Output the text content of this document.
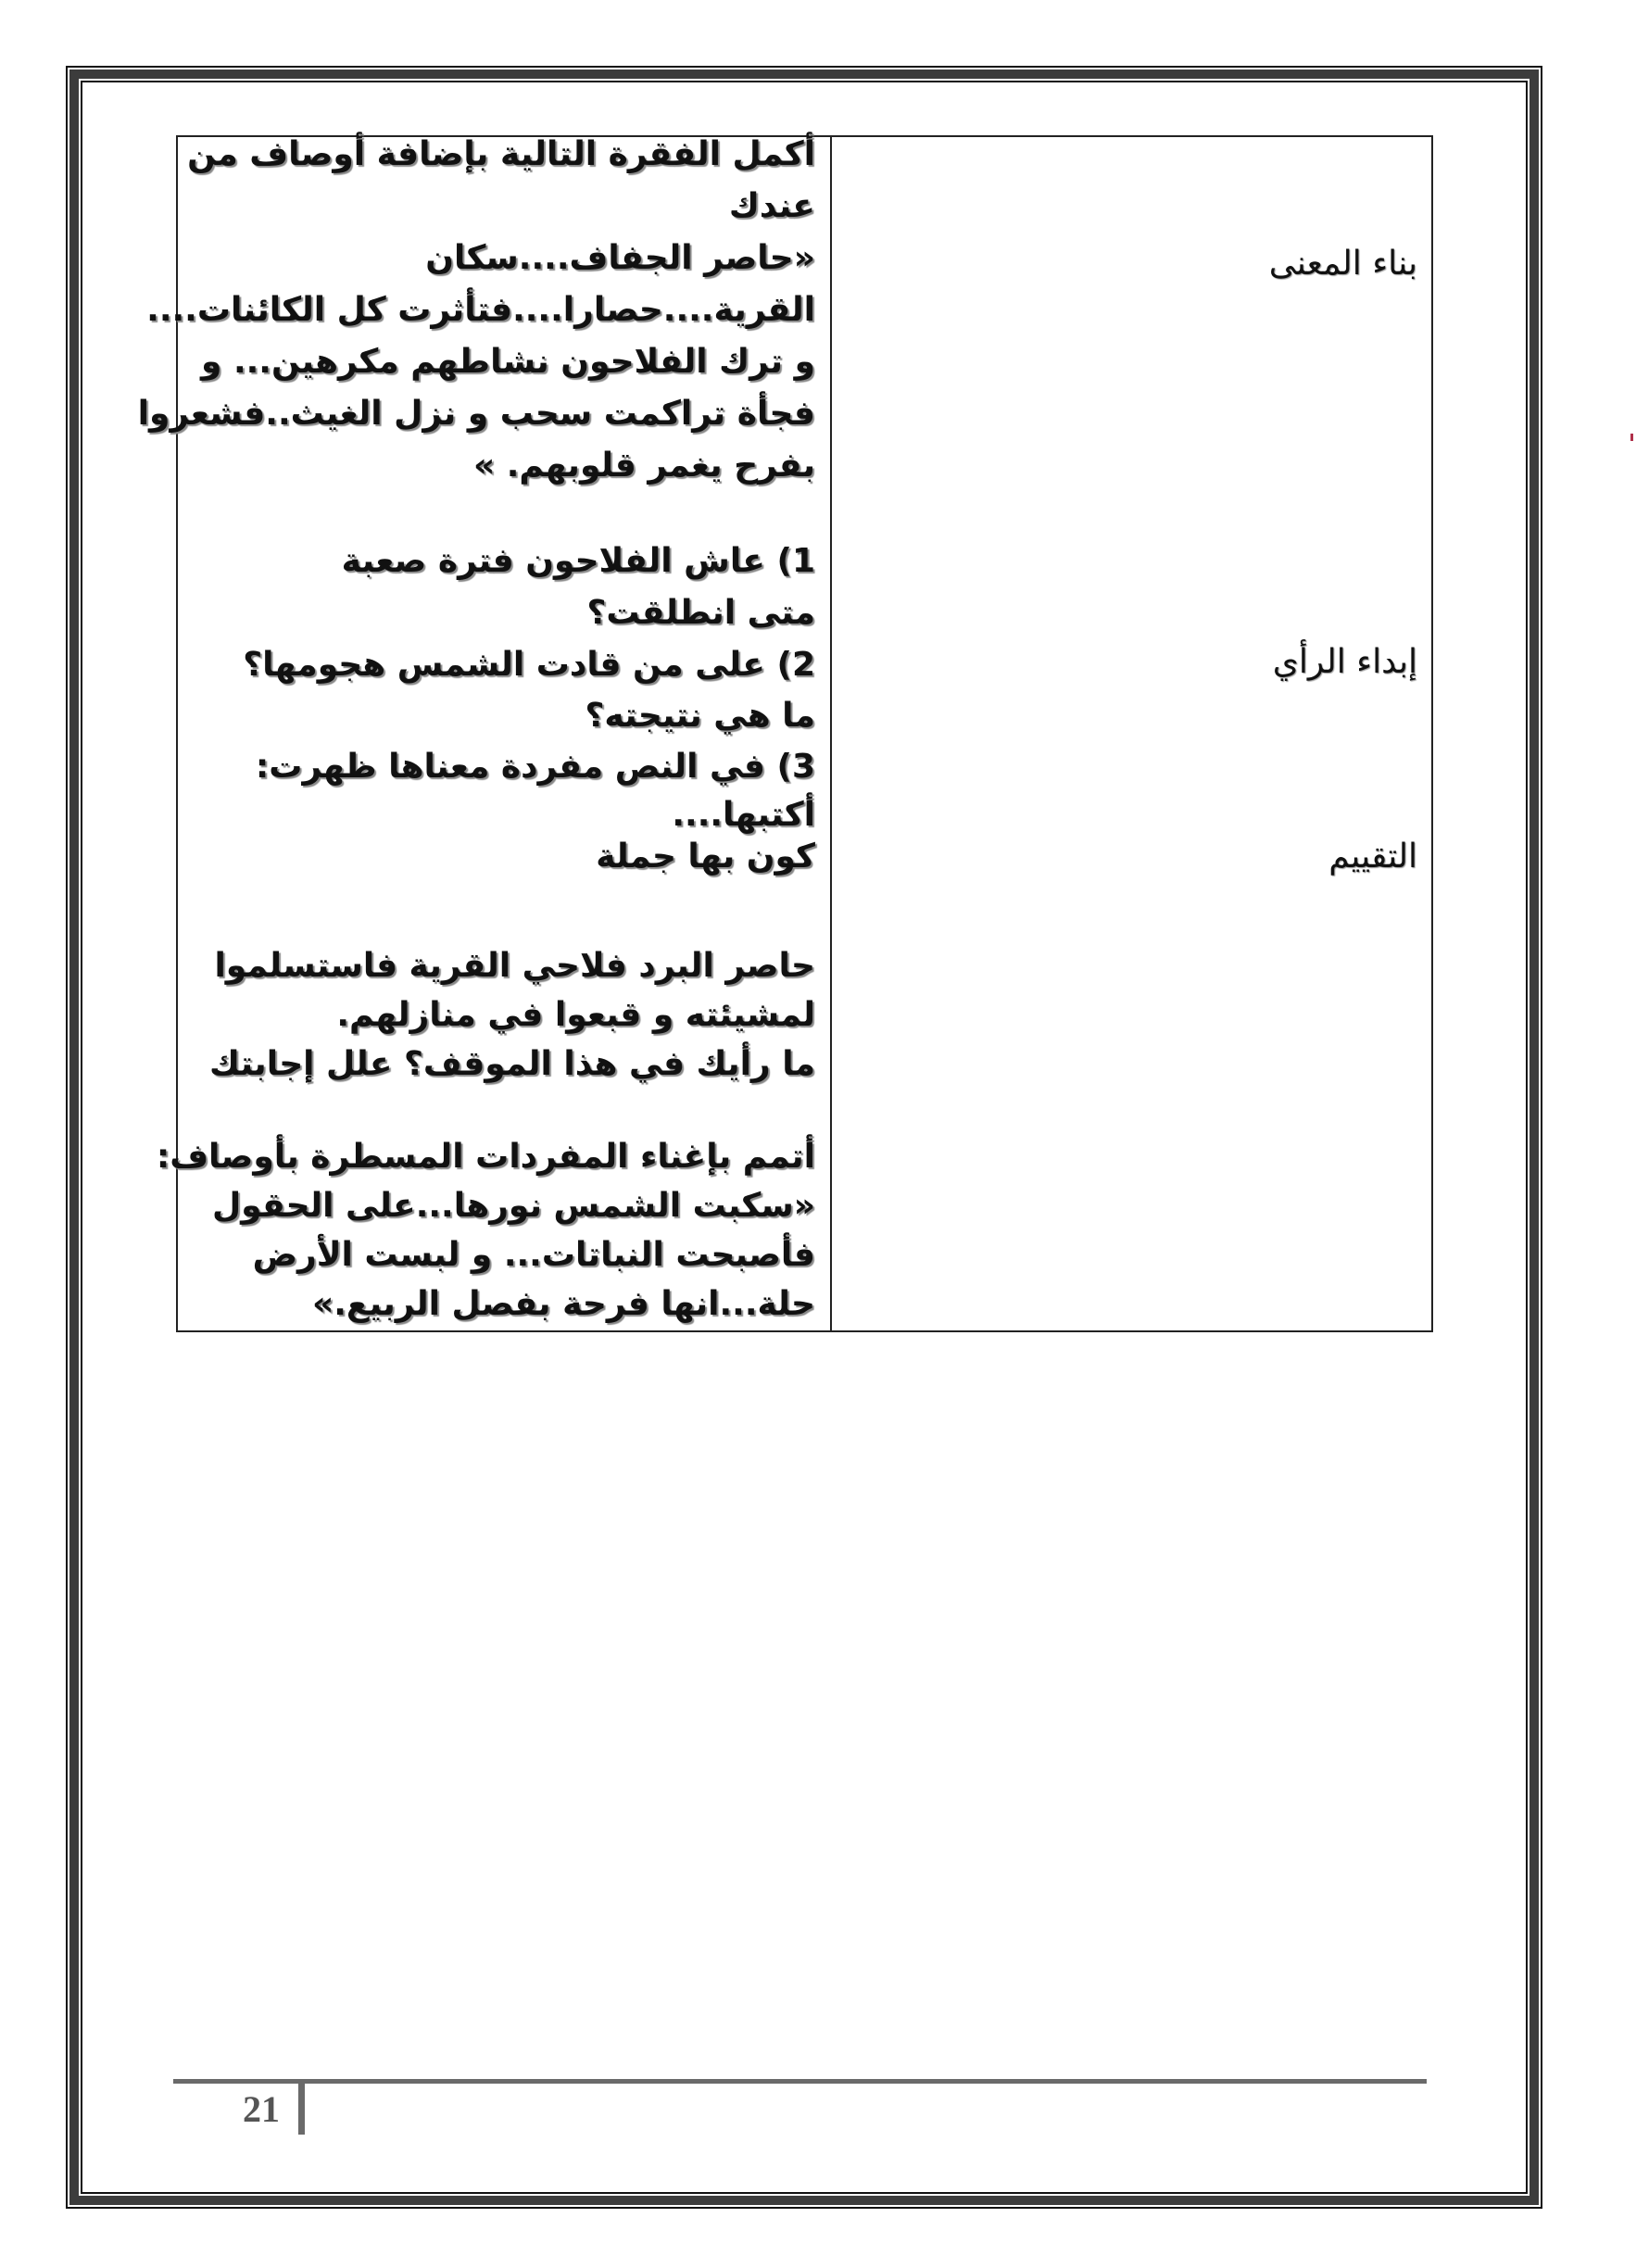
بناء المعنى
إبداء الرأي
التقييم
أكمل الفقرة التالية بإضافة أوصاف من
عندك
«حاصر الجفاف....سكان
القرية....حصارا....فتأثرت كل الكائنات....
و ترك الفلاحون نشاطهم مكرهين... و
فجأة تراكمت سحب و نزل الغيث..فشعروا
بفرح يغمر قلوبهم. »
1) عاش الفلاحون فترة صعبة
متى انطلقت؟
2) على من قادت الشمس هجومها؟
ما هي نتيجته؟
3) في النص مفردة معناها ظهرت:
أكتبها....
كون بها جملة
حاصر البرد فلاحي القرية فاستسلموا
لمشيئته و قبعوا في منازلهم.
ما رأيك في هذا الموقف؟ علل إجابتك
أتمم بإغناء المفردات المسطرة بأوصاف:
«سكبت الشمس نورها...على الحقول
فأصبحت النباتات... و لبست الأرض
حلة...انها فرحة بفصل الربيع.»
21
